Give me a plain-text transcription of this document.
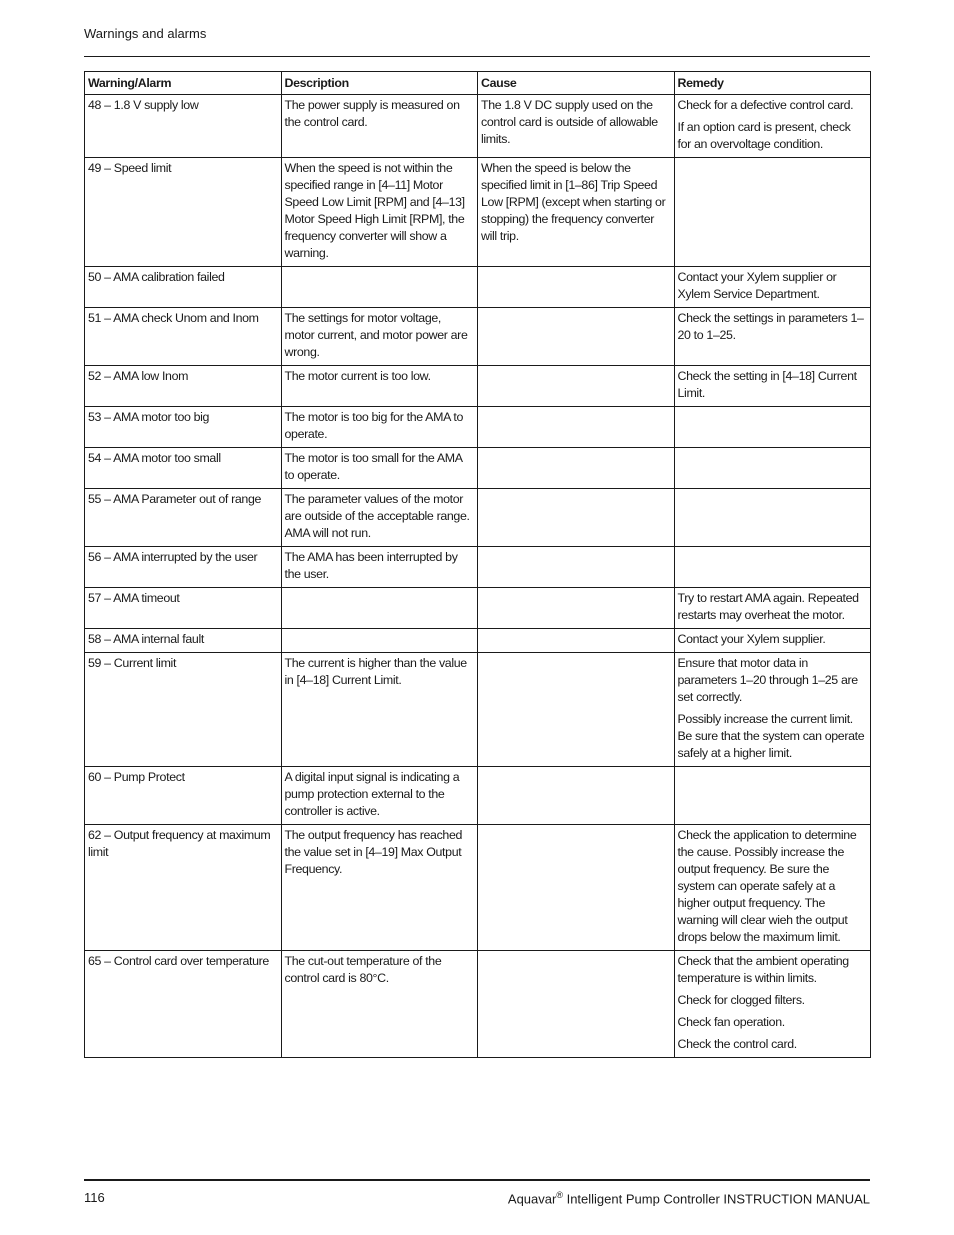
Warnings and alarms
Warning/Alarm	Description	Cause	Remedy
48 – 1.8 V supply low	The power supply is measured on the control card.	The 1.8 V DC supply used on the control card is outside of allowable limits.	Check for a defective control card.

If an option card is present, check for an overvoltage condition.

49 – Speed limit	When the speed is not within the specified range in [4–11] Motor Speed Low Limit [RPM] and [4–13] Motor Speed High Limit [RPM], the frequency converter will show a warning.	When the speed is below the specified limit in [1–86] Trip Speed Low [RPM] (except when starting or stopping) the frequency converter will trip.	

50 – AMA calibration failed			Contact your Xylem supplier or Xylem Service Department.

51 – AMA check Unom and Inom	The settings for motor voltage, motor current, and motor power are wrong.		Check the settings in parameters 1–20 to 1–25.

52 – AMA low Inom	The motor current is too low.		Check the setting in [4–18] Current Limit.

53 – AMA motor too big	The motor is too big for the AMA to operate.		

54 – AMA motor too small	The motor is too small for the AMA to operate.		

55 – AMA Parameter out of range	The parameter values of the motor are outside of the acceptable range. AMA will not run.		

56 – AMA interrupted by the user	The AMA has been interrupted by the user.		

57 – AMA timeout			Try to restart AMA again. Repeated restarts may overheat the motor.

58 – AMA internal fault			Contact your Xylem supplier.

59 – Current limit	The current is higher than the value in [4–18] Current Limit.		Ensure that motor data in parameters 1–20 through 1–25 are set correctly.

Possibly increase the current limit. Be sure that the system can operate safely at a higher limit.

60 – Pump Protect	A digital input signal is indicating a pump protection external to the controller is active.		

62 – Output frequency at maximum limit	The output frequency has reached the value set in [4–19] Max Output Frequency.		Check the application to determine the cause. Possibly increase the output frequency. Be sure the system can operate safely at a higher output frequency. The warning will clear wieh the output drops below the maximum limit.

65 – Control card over temperature	The cut-out temperature of the control card is 80°C.		Check that the ambient operating temperature is within limits.

Check for clogged filters.

Check fan operation.

Check the control card.

116	Aquavar® Intelligent Pump Controller INSTRUCTION MANUAL
